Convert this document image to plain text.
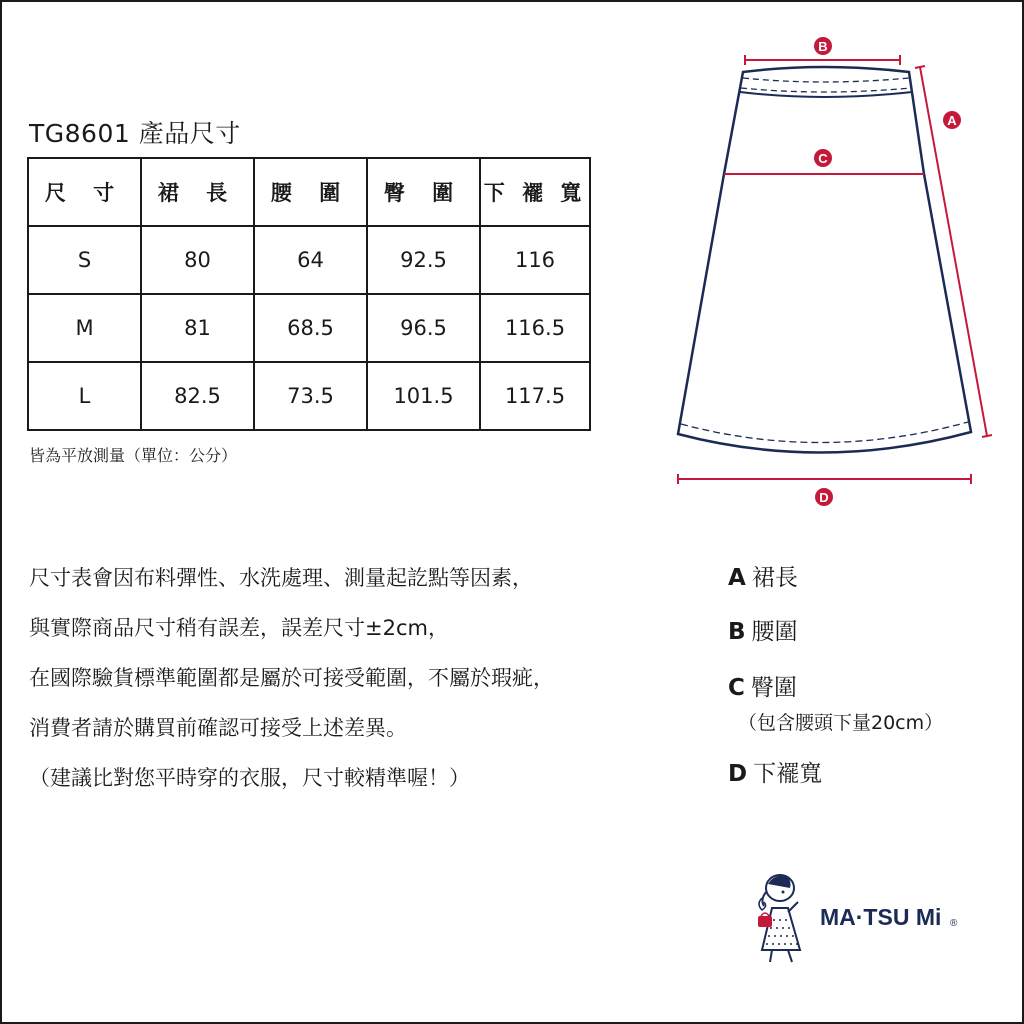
TG8601 產品尺寸
尺 寸	裙 長	腰 圍	臀 圍	下 襬 寬
S	80	64	92.5	116
M	81	68.5	96.5	116.5
L	82.5	73.5	101.5	117.5
皆為平放測量（單位：公分）
B
C
A
D
尺寸表會因布料彈性、水洗處理、測量起訖點等因素，
與實際商品尺寸稍有誤差，誤差尺寸±2cm，
在國際驗貨標準範圍都是屬於可接受範圍，不屬於瑕疵，
消費者請於購買前確認可接受上述差異。
（建議比對您平時穿的衣服，尺寸較精準喔！）
A 裙長
B 腰圍
C 臀圍
（包含腰頭下量20cm）
D 下襬寬
MA·TSU Mi ®
